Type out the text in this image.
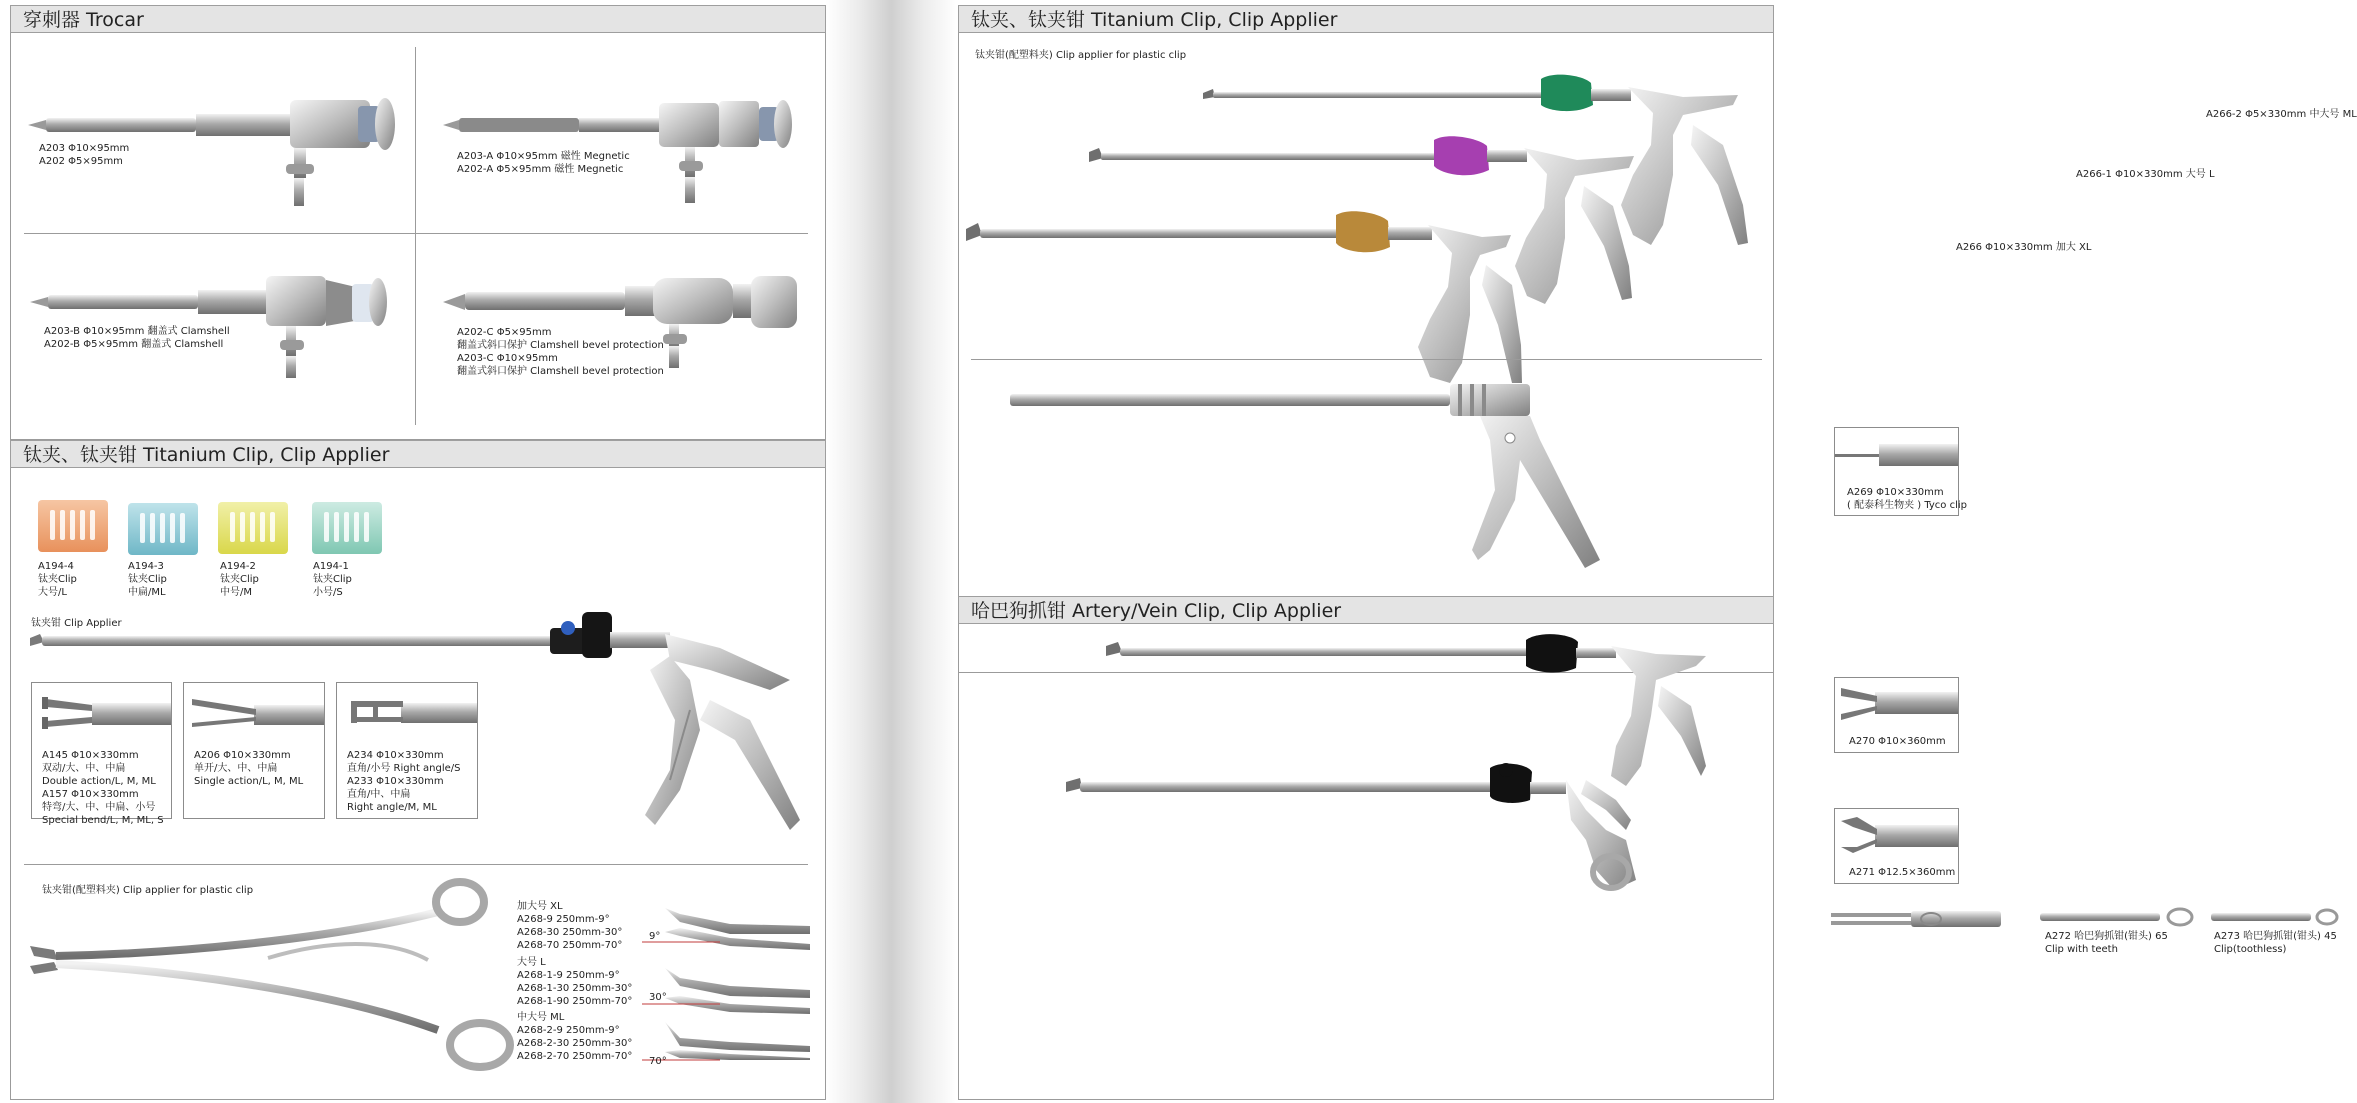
穿刺器 Trocar
A203 Φ10×95mm
A202 Φ5×95mm	A203-A Φ10×95mm 磁性 Megnetic
A202-A Φ5×95mm 磁性 Megnetic
A203-B Φ10×95mm 翻盖式 Clamshell
A202-B Φ5×95mm 翻盖式 Clamshell
A202-C Φ5×95mm
翻盖式斜口保护 Clamshell bevel protection
A203-C Φ10×95mm
翻盖式斜口保护 Clamshell bevel protection
钛夹、钛夹钳 Titanium Clip, Clip Applier
A194-4
钛夹Clip
大号/L
A194-3
钛夹Clip
中扁/ML
A194-2
钛夹Clip
中号/M
A194-1
钛夹Clip
小号/S
钛夹钳 Clip Applier
A145 Φ10×330mm
双动/大、中、中扁
Double action/L, M, ML
A157 Φ10×330mm
特弯/大、中、中扁、小号
Special bend/L, M, ML, S
A206 Φ10×330mm
单开/大、中、中扁
Single action/L, M, ML
A234 Φ10×330mm
直角/小号 Right angle/S
A233 Φ10×330mm
直角/中、中扁
Right angle/M, ML
钛夹钳(配塑料夹) Clip applier for plastic clip
加大号 XL
A268-9 250mm-9°
A268-30 250mm-30°
A268-70 250mm-70°
大号 L
A268-1-9 250mm-9°
A268-1-30 250mm-30°
A268-1-90 250mm-70°
中大号 ML
A268-2-9 250mm-9°
A268-2-30 250mm-30°
A268-2-70 250mm-70°
9°
30°
70°
钛夹、钛夹钳 Titanium Clip, Clip Applier
钛夹钳(配塑料夹) Clip applier for plastic clip
A266-2 Φ5×330mm 中大号 ML
A266-1 Φ10×330mm 大号 L
A266 Φ10×330mm 加大 XL
A269 Φ10×330mm
( 配泰科生物夹 ) Tyco clip
哈巴狗抓钳 Artery/Vein Clip, Clip Applier
A270 Φ10×360mm
A271 Φ12.5×360mm
A272 哈巴狗抓钳(钳头) 65
Clip with teeth
A273 哈巴狗抓钳(钳头) 45
Clip(toothless)
